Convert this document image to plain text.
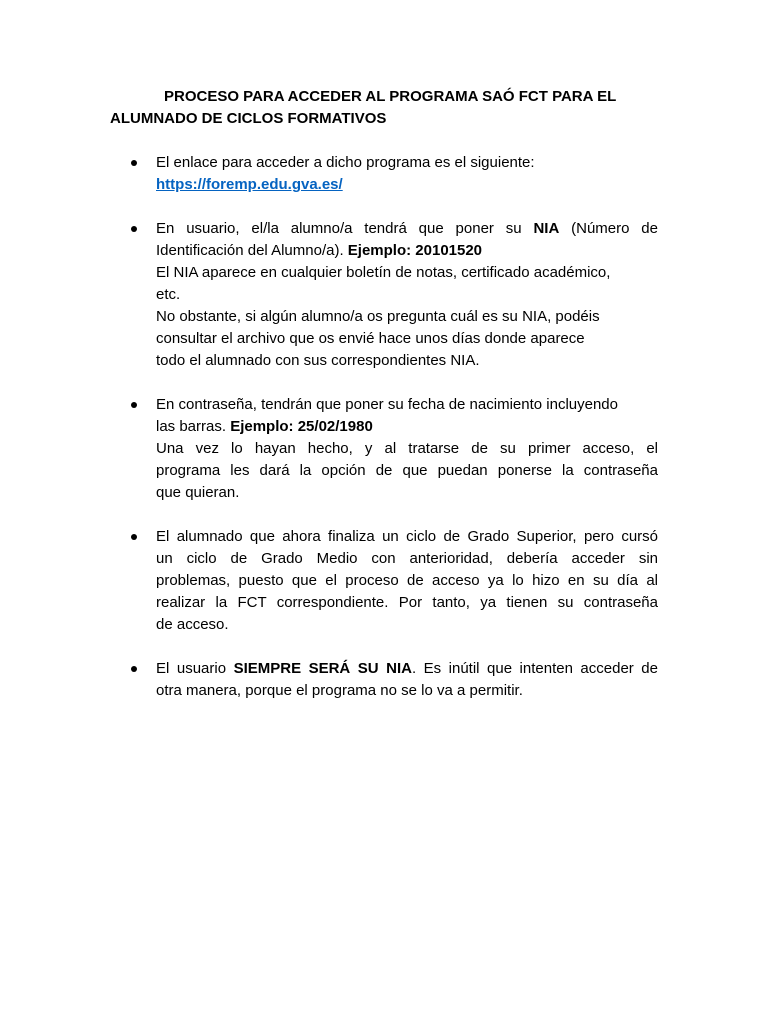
PROCESO PARA ACCEDER AL PROGRAMA SAÓ FCT PARA EL
ALUMNADO DE CICLOS FORMATIVOS
El enlace para acceder a dicho programa es el siguiente:
https://foremp.edu.gva.es/
En usuario, el/la alumno/a tendrá que poner su NIA (Número de
Identificación del Alumno/a). Ejemplo: 20101520
El NIA aparece en cualquier boletín de notas, certificado académico,
etc.
No obstante, si algún alumno/a os pregunta cuál es su NIA, podéis
consultar el archivo que os envié hace unos días donde aparece
todo el alumnado con sus correspondientes NIA.
En contraseña, tendrán que poner su fecha de nacimiento incluyendo
las barras. Ejemplo: 25/02/1980
Una vez lo hayan hecho, y al tratarse de su primer acceso, el
programa les dará la opción de que puedan ponerse la contraseña
que quieran.
El alumnado que ahora finaliza un ciclo de Grado Superior, pero cursó
un ciclo de Grado Medio con anterioridad, debería acceder sin
problemas, puesto que el proceso de acceso ya lo hizo en su día al
realizar la FCT correspondiente. Por tanto, ya tienen su contraseña
de acceso.
El usuario SIEMPRE SERÁ SU NIA. Es inútil que intenten acceder de
otra manera, porque el programa no se lo va a permitir.
